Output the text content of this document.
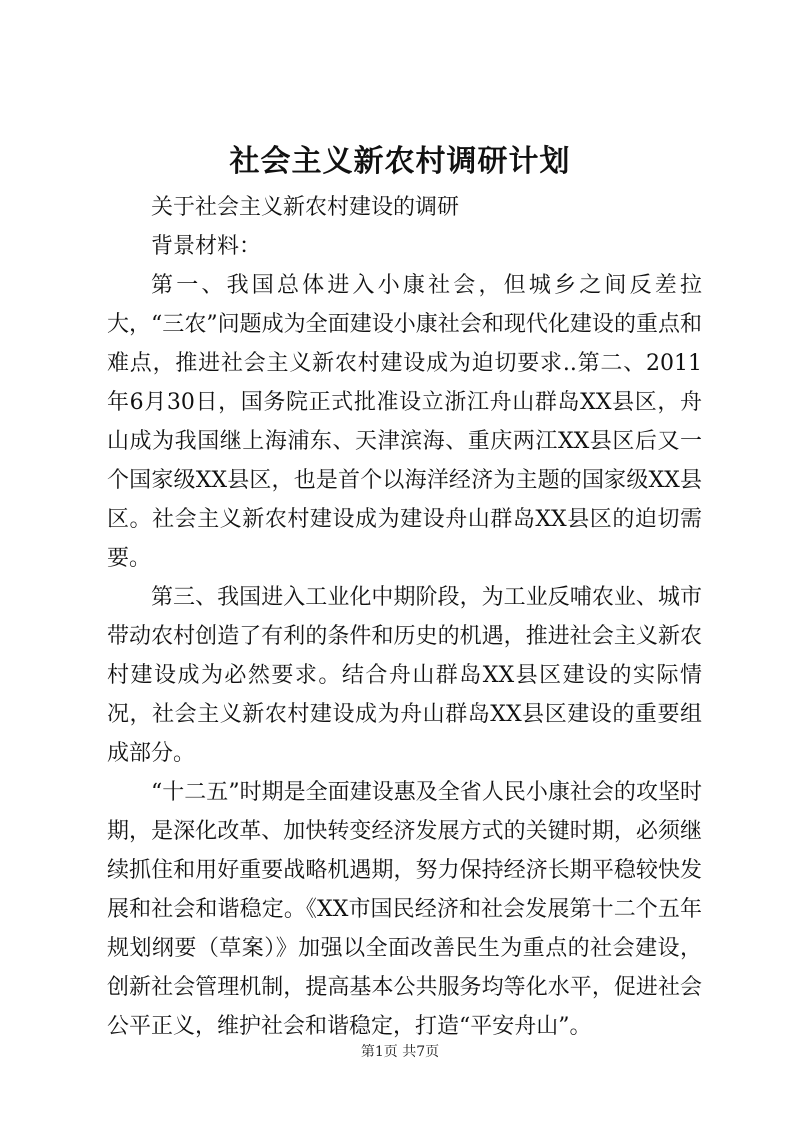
社会主义新农村调研计划

关于社会主义新农村建设的调研

背景材料：

第一、我国总体进入小康社会，但城乡之间反差拉大，“三农”问题成为全面建设小康社会和现代化建设的重点和难点，推进社会主义新农村建设成为迫切要求..第二、2011年6月30日，国务院正式批准设立浙江舟山群岛XX县区，舟山成为我国继上海浦东、天津滨海、重庆两江XX县区后又一个国家级XX县区，也是首个以海洋经济为主题的国家级XX县区。社会主义新农村建设成为建设舟山群岛XX县区的迫切需要。

第三、我国进入工业化中期阶段，为工业反哺农业、城市带动农村创造了有利的条件和历史的机遇，推进社会主义新农村建设成为必然要求。结合舟山群岛XX县区建设的实际情况，社会主义新农村建设成为舟山群岛XX县区建设的重要组成部分。

“十二五”时期是全面建设惠及全省人民小康社会的攻坚时期，是深化改革、加快转变经济发展方式的关键时期，必须继续抓住和用好重要战略机遇期，努力保持经济长期平稳较快发展和社会和谐稳定。《XX市国民经济和社会发展第十二个五年规划纲要（草案）》加强以全面改善民生为重点的社会建设，创新社会管理机制，提高基本公共服务均等化水平，促进社会公平正义，维护社会和谐稳定，打造“平安舟山”。

第1页 共7页
